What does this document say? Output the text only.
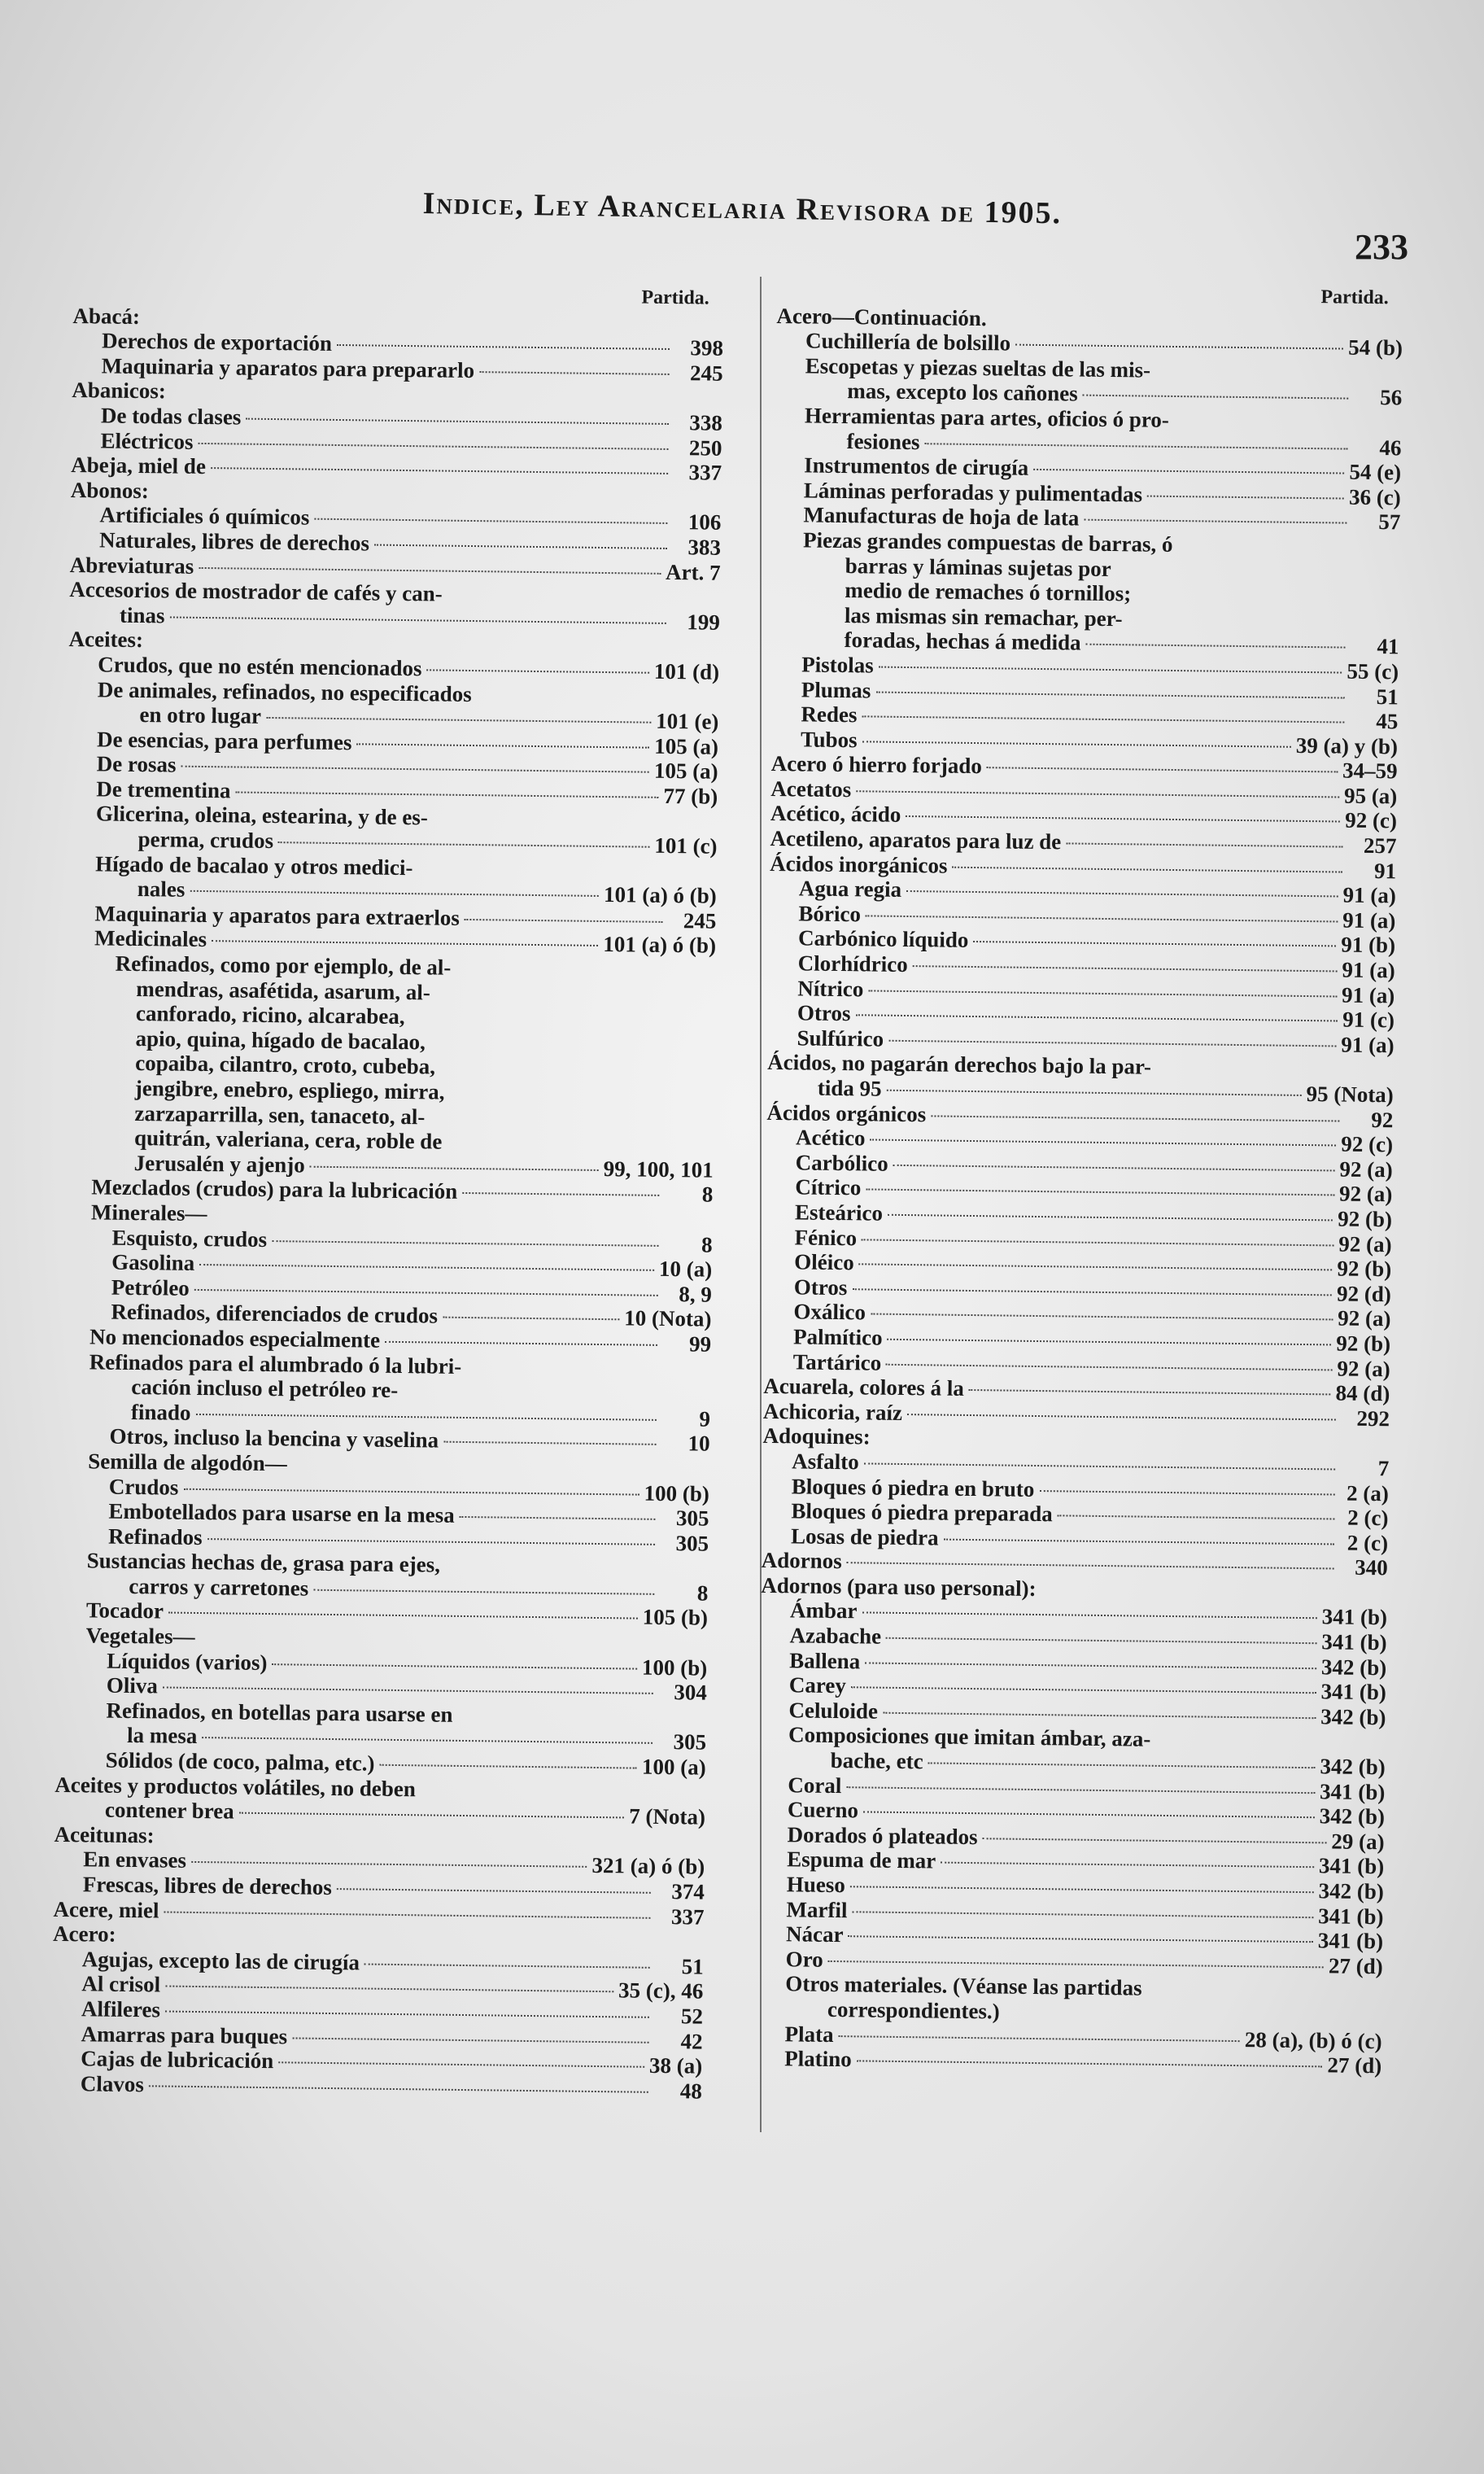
Indice, Ley Arancelaria Revisora de 1905.
233
Partida.
Abacá:
Derechos de exportación	398
Maquinaria y aparatos para prepararlo	245
Abanicos:
De todas clases	338
Eléctricos	250
Abeja, miel de	337
Abonos:
Artificiales ó químicos	106
Naturales, libres de derechos	383
Abreviaturas	Art. 7
Accesorios de mostrador de cafés y can-
tinas	199
Aceites:
Crudos, que no estén mencionados	101 (d)
De animales, refinados, no especificados
en otro lugar	101 (e)
De esencias, para perfumes	105 (a)
De rosas	105 (a)
De trementina	77 (b)
Glicerina, oleina, estearina, y de es-
perma, crudos	101 (c)
Hígado de bacalao y otros medici-
nales	101 (a) ó (b)
Maquinaria y aparatos para extraerlos	245
Medicinales	101 (a) ó (b)
Refinados, como por ejemplo, de al-
mendras, asafétida, asarum, al-
canforado, ricino, alcarabea,
apio, quina, hígado de bacalao,
copaiba, cilantro, croto, cubeba,
jengibre, enebro, espliego, mirra,
zarzaparrilla, sen, tanaceto, al-
quitrán, valeriana, cera, roble de
Jerusalén y ajenjo	99, 100, 101
Mezclados (crudos) para la lubricación	8
Minerales—
Esquisto, crudos	8
Gasolina	10 (a)
Petróleo	8, 9
Refinados, diferenciados de crudos	10 (Nota)
No mencionados especialmente	99
Refinados para el alumbrado ó la lubri-
cación incluso el petróleo re-
finado	9
Otros, incluso la bencina y vaselina	10
Semilla de algodón—
Crudos	100 (b)
Embotellados para usarse en la mesa	305
Refinados	305
Sustancias hechas de, grasa para ejes,
carros y carretones	8
Tocador	105 (b)
Vegetales—
Líquidos (varios)	100 (b)
Oliva	304
Refinados, en botellas para usarse en
la mesa	305
Sólidos (de coco, palma, etc.)	100 (a)
Aceites y productos volátiles, no deben
contener brea	7 (Nota)
Aceitunas:
En envases	321 (a) ó (b)
Frescas, libres de derechos	374
Acere, miel	337
Acero:
Agujas, excepto las de cirugía	51
Al crisol	35 (c), 46
Alfileres	52
Amarras para buques	42
Cajas de lubricación	38 (a)
Clavos	48
Partida.
Acero—Continuación.
Cuchillería de bolsillo	54 (b)
Escopetas y piezas sueltas de las mis-
mas, excepto los cañones	56
Herramientas para artes, oficios ó pro-
fesiones	46
Instrumentos de cirugía	54 (e)
Láminas perforadas y pulimentadas	36 (c)
Manufacturas de hoja de lata	57
Piezas grandes compuestas de barras, ó
barras y láminas sujetas por
medio de remaches ó tornillos;
las mismas sin remachar, per-
foradas, hechas á medida	41
Pistolas	55 (c)
Plumas	51
Redes	45
Tubos	39 (a) y (b)
Acero ó hierro forjado	34–59
Acetatos	95 (a)
Acético, ácido	92 (c)
Acetileno, aparatos para luz de	257
Ácidos inorgánicos	91
Agua regia	91 (a)
Bórico	91 (a)
Carbónico líquido	91 (b)
Clorhídrico	91 (a)
Nítrico	91 (a)
Otros	91 (c)
Sulfúrico	91 (a)
Ácidos, no pagarán derechos bajo la par-
tida 95	95 (Nota)
Ácidos orgánicos	92
Acético	92 (c)
Carbólico	92 (a)
Cítrico	92 (a)
Esteárico	92 (b)
Fénico	92 (a)
Oléico	92 (b)
Otros	92 (d)
Oxálico	92 (a)
Palmítico	92 (b)
Tartárico	92 (a)
Acuarela, colores á la	84 (d)
Achicoria, raíz	292
Adoquines:
Asfalto	7
Bloques ó piedra en bruto	2 (a)
Bloques ó piedra preparada	2 (c)
Losas de piedra	2 (c)
Adornos	340
Adornos (para uso personal):
Ámbar	341 (b)
Azabache	341 (b)
Ballena	342 (b)
Carey	341 (b)
Celuloide	342 (b)
Composiciones que imitan ámbar, aza-
bache, etc	342 (b)
Coral	341 (b)
Cuerno	342 (b)
Dorados ó plateados	29 (a)
Espuma de mar	341 (b)
Hueso	342 (b)
Marfil	341 (b)
Nácar	341 (b)
Oro	27 (d)
Otros materiales. (Véanse las partidas
correspondientes.)
Plata	28 (a), (b) ó (c)
Platino	27 (d)
